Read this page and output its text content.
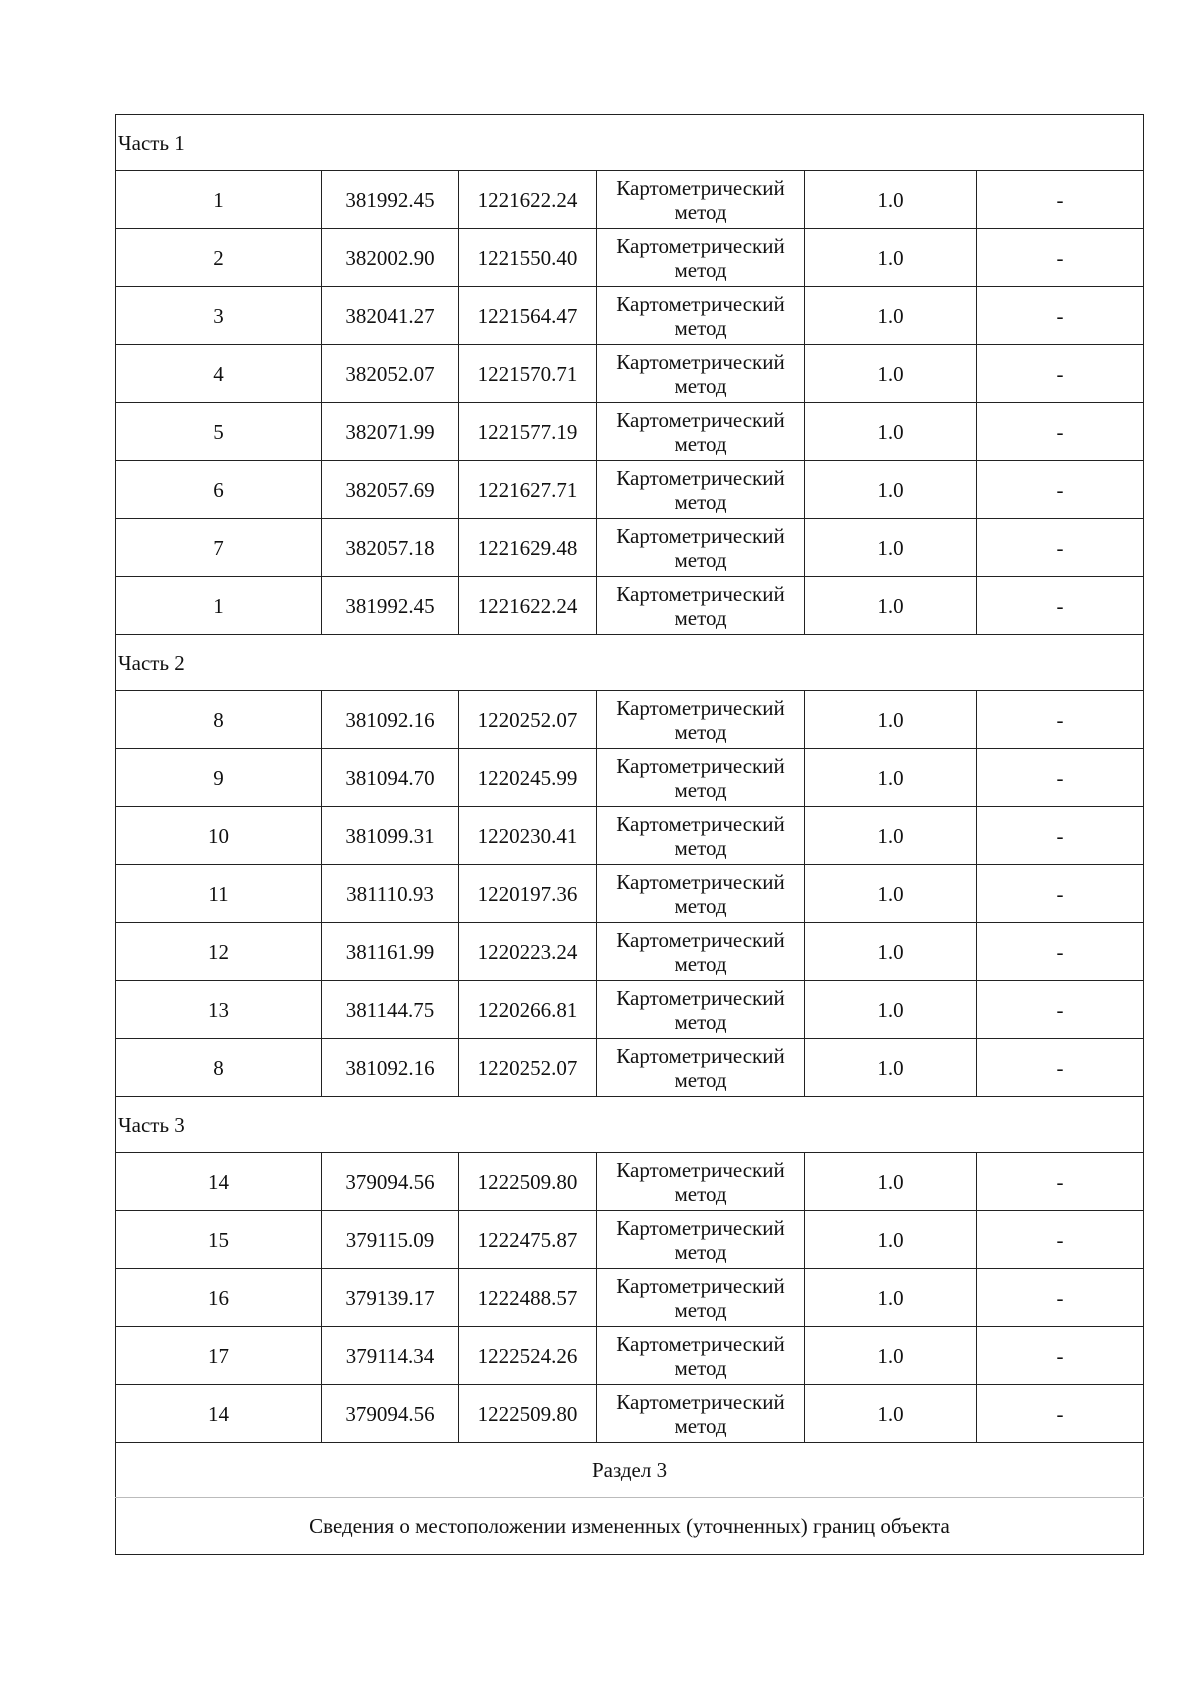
Часть 1					
1	381992.45	1221622.24	Картометрический метод	1.0	-
2	382002.90	1221550.40	Картометрический метод	1.0	-
3	382041.27	1221564.47	Картометрический метод	1.0	-
4	382052.07	1221570.71	Картометрический метод	1.0	-
5	382071.99	1221577.19	Картометрический метод	1.0	-
6	382057.69	1221627.71	Картометрический метод	1.0	-
7	382057.18	1221629.48	Картометрический метод	1.0	-
1	381992.45	1221622.24	Картометрический метод	1.0	-
Часть 2					
8	381092.16	1220252.07	Картометрический метод	1.0	-
9	381094.70	1220245.99	Картометрический метод	1.0	-
10	381099.31	1220230.41	Картометрический метод	1.0	-
11	381110.93	1220197.36	Картометрический метод	1.0	-
12	381161.99	1220223.24	Картометрический метод	1.0	-
13	381144.75	1220266.81	Картометрический метод	1.0	-
8	381092.16	1220252.07	Картометрический метод	1.0	-
Часть 3					
14	379094.56	1222509.80	Картометрический метод	1.0	-
15	379115.09	1222475.87	Картометрический метод	1.0	-
16	379139.17	1222488.57	Картометрический метод	1.0	-
17	379114.34	1222524.26	Картометрический метод	1.0	-
14	379094.56	1222509.80	Картометрический метод	1.0	-
Раздел 3					
Сведения о местоположении измененных (уточненных) границ объекта					
